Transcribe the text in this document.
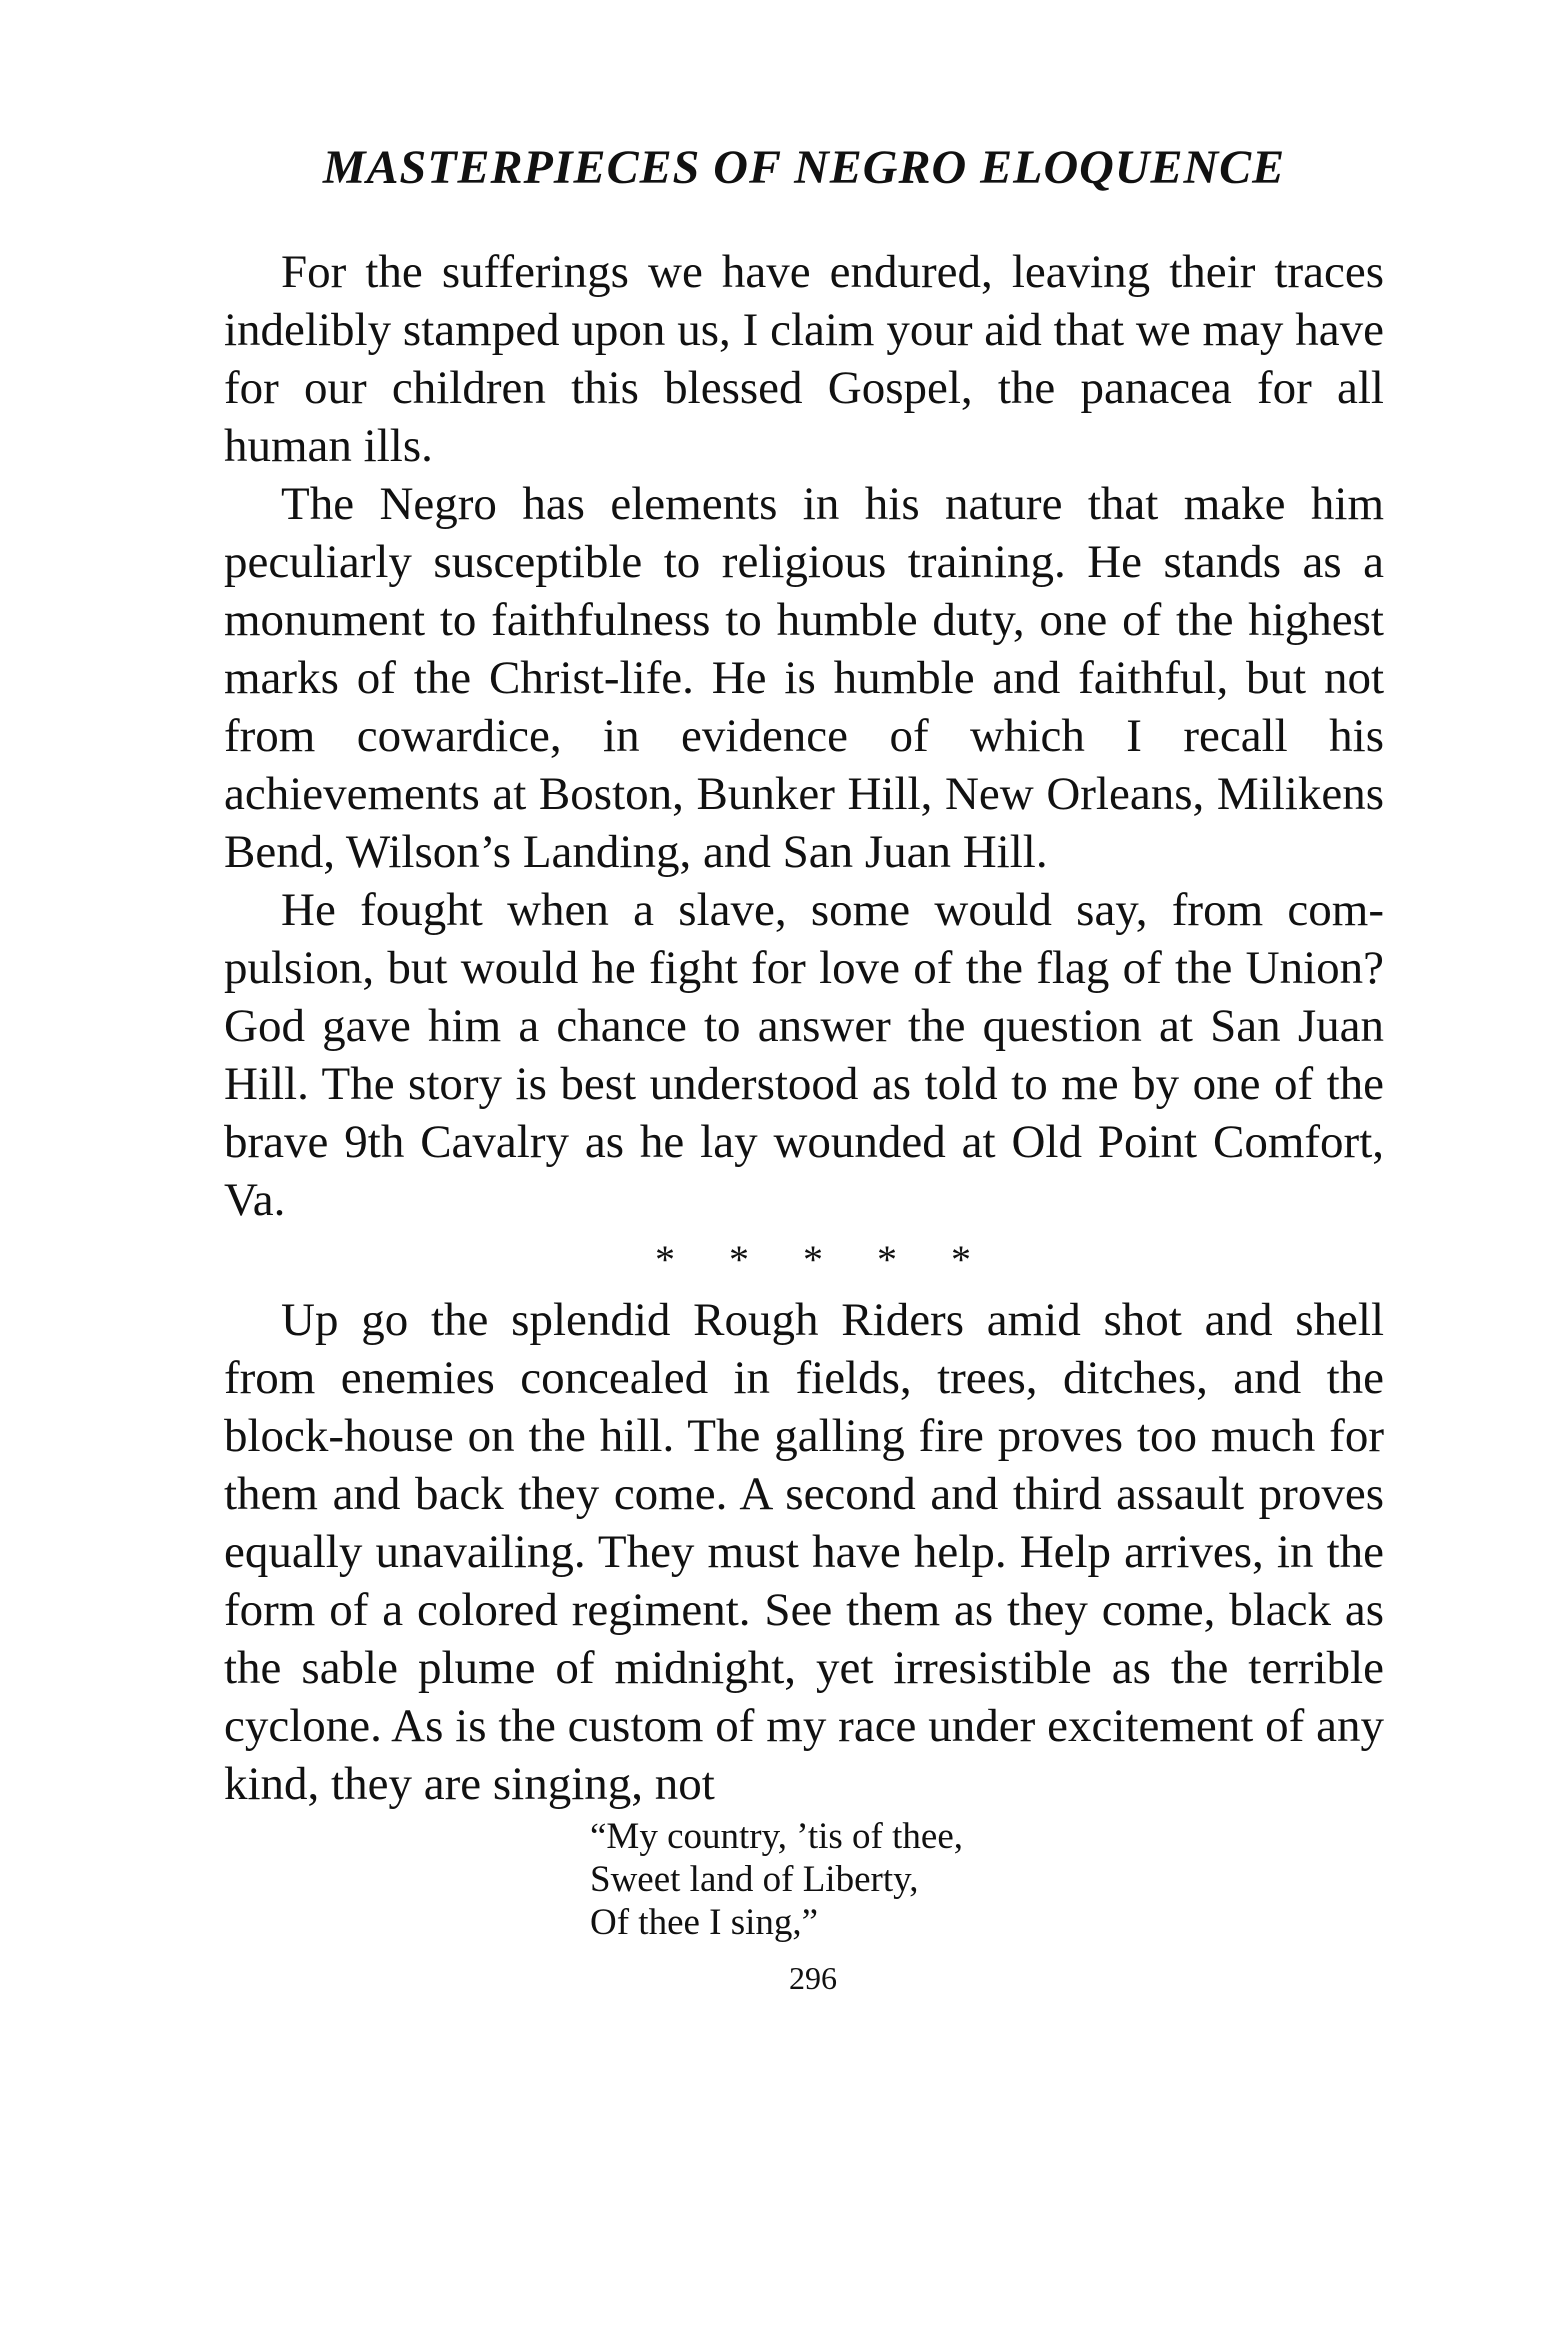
MASTERPIECES OF NEGRO ELOQUENCE

For the sufferings we have endured, leaving their traces indelibly stamped upon us, I claim your aid that we may have for our children this blessed Gospel, the panacea for all human ills.

The Negro has elements in his nature that make him peculiarly susceptible to religious training. He stands as a monument to faithfulness to humble duty, one of the highest marks of the Christ-life. He is humble and faithful, but not from cowardice, in evidence of which I recall his achievements at Boston, Bunker Hill, New Orleans, Milikens Bend, Wilson’s Landing, and San Juan Hill.

He fought when a slave, some would say, from compulsion, but would he fight for love of the flag of the Union? God gave him a chance to answer the question at San Juan Hill. The story is best understood as told to me by one of the brave 9th Cavalry as he lay wounded at Old Point Comfort, Va.

* * * * *

Up go the splendid Rough Riders amid shot and shell from enemies concealed in fields, trees, ditches, and the block-house on the hill. The galling fire proves too much for them and back they come. A second and third assault proves equally unavailing. They must have help. Help arrives, in the form of a colored regiment. See them as they come, black as the sable plume of midnight, yet irresistible as the terrible cyclone. As is the custom of my race under excitement of any kind, they are singing, not

“My country, ’tis of thee,
Sweet land of Liberty,
Of thee I sing,”
296
